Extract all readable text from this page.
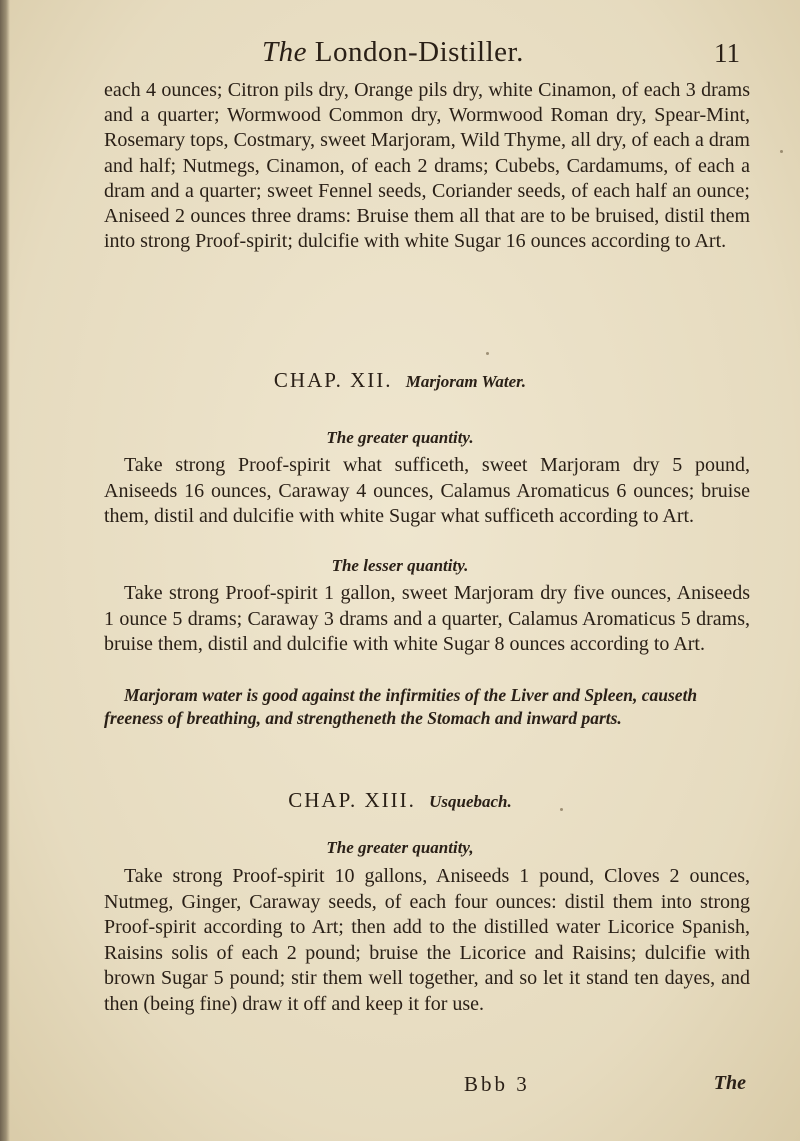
The London-Distiller.	11

each 4 ounces; Citron pils dry, Orange pils dry, white Cinamon, of each 3 drams and a quarter; Wormwood Common dry, Wormwood Roman dry, Spear-Mint, Rosemary tops, Costmary, sweet Marjoram, Wild Thyme, all dry, of each a dram and half; Nutmegs, Cinamon, of each 2 drams; Cubebs, Cardamums, of each a dram and a quarter; sweet Fennel seeds, Coriander seeds, of each half an ounce; Aniseed 2 ounces three drams: Bruise them all that are to be bruised, distil them into strong Proof-spirit; dulcifie with white Sugar 16 ounces according to Art.

CHAP. XII. Marjoram Water.
The greater quantity.

Take strong Proof-spirit what sufficeth, sweet Marjoram dry 5 pound, Aniseeds 16 ounces, Caraway 4 ounces, Calamus Aromaticus 6 ounces; bruise them, distil and dulcifie with white Sugar what sufficeth according to Art.

The lesser quantity.

Take strong Proof-spirit 1 gallon, sweet Marjoram dry five ounces, Aniseeds 1 ounce 5 drams; Caraway 3 drams and a quarter, Calamus Aromaticus 5 drams, bruise them, distil and dulcifie with white Sugar 8 ounces according to Art.

Marjoram water is good against the infirmities of the Liver and Spleen, causeth freeness of breathing, and strengtheneth the Stomach and inward parts.

CHAP. XIII. Usquebach.
The greater quantity,

Take strong Proof-spirit 10 gallons, Aniseeds 1 pound, Cloves 2 ounces, Nutmeg, Ginger, Caraway seeds, of each four ounces: distil them into strong Proof-spirit according to Art; then add to the distilled water Licorice Spanish, Raisins solis of each 2 pound; bruise the Licorice and Raisins; dulcifie with brown Sugar 5 pound; stir them well together, and so let it stand ten dayes, and then (being fine) draw it off and keep it for use.

Bbb 3	The
